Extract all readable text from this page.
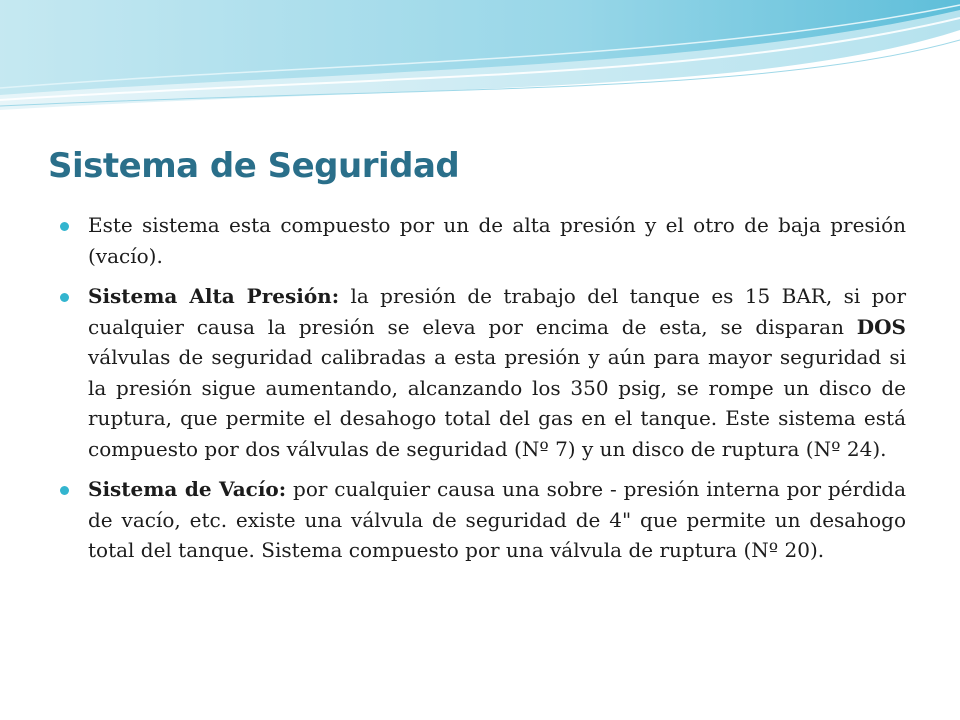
Sistema de Seguridad
Este sistema esta compuesto por un de alta presión y el otro de baja presión (vacío).
Sistema Alta Presión: la presión de trabajo del tanque es 15 BAR, si por cualquier causa la presión se eleva por encima de esta, se disparan DOS válvulas de seguridad calibradas a esta presión y aún para mayor seguridad si la presión sigue aumentando, alcanzando los 350 psig, se rompe un disco de ruptura, que permite el desahogo total del gas en el tanque. Este sistema está compuesto por dos válvulas de seguridad (Nº 7) y un disco de ruptura (Nº 24).
Sistema de Vacío: por cualquier causa una sobre - presión interna por pérdida de vacío, etc. existe una válvula de seguridad de 4" que permite un desahogo total del tanque. Sistema compuesto por una válvula de ruptura (Nº 20).
